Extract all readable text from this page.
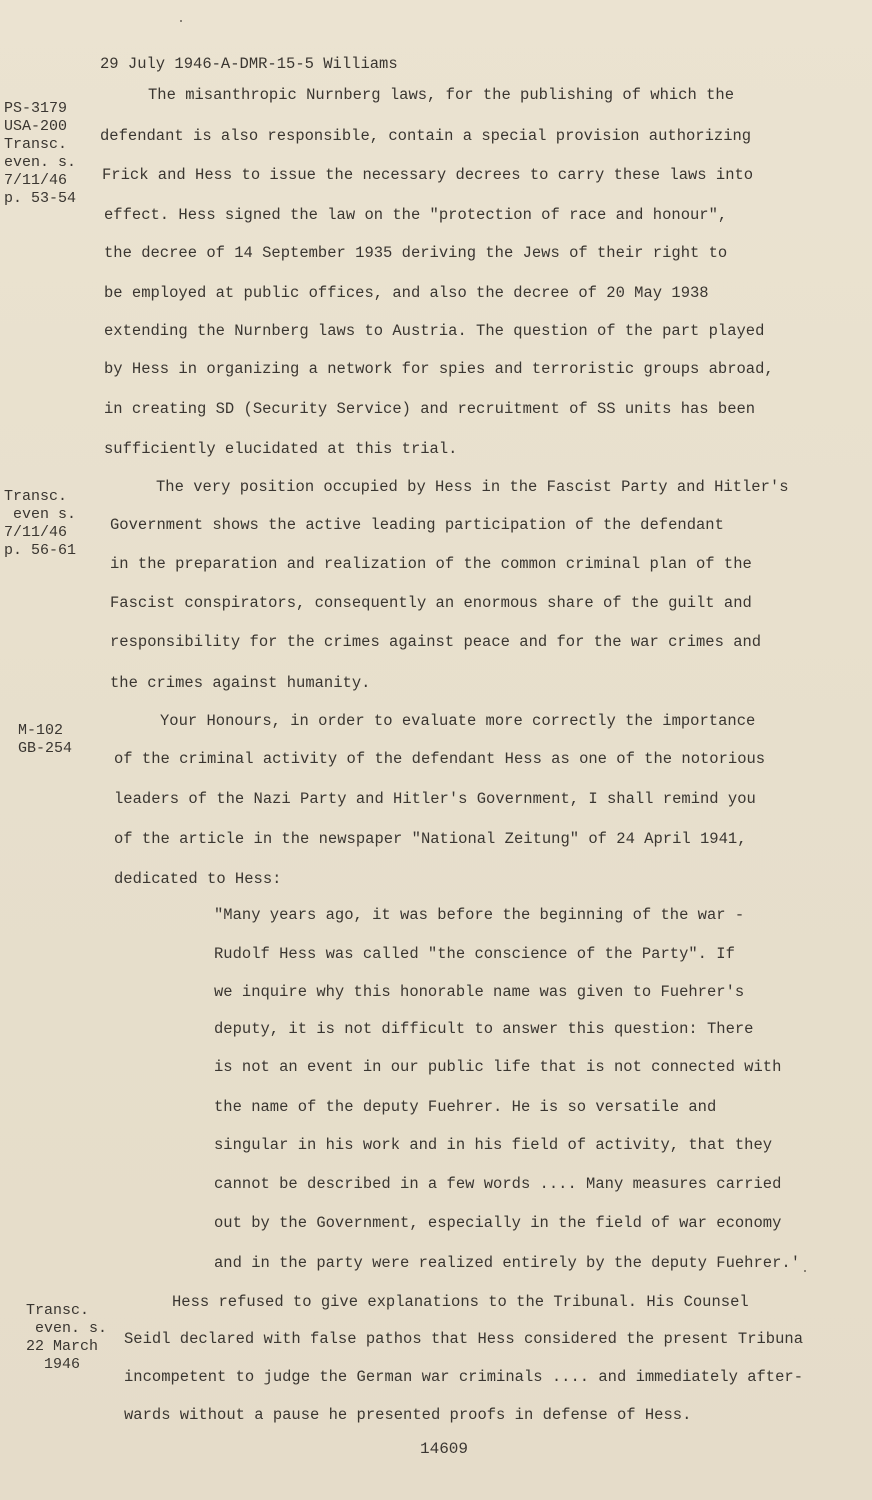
29 July 1946-A-DMR-15-5 Williams
PS-3179
USA-200
Transc.
even. s.
7/11/46
p. 53-54
Transc.
even s.
7/11/46
p. 56-61
M-102
GB-254
Transc.
even. s.
22 March
1946
The misanthropic Nurnberg laws, for the publishing of which the
defendant is also responsible, contain a special provision authorizing
Frick and Hess to issue the necessary decrees to carry these laws into
effect. Hess signed the law on the "protection of race and honour",
the decree of 14 September 1935 deriving the Jews of their right to
be employed at public offices, and also the decree of 20 May 1938
extending the Nurnberg laws to Austria. The question of the part played
by Hess in organizing a network for spies and terroristic groups abroad,
in creating SD (Security Service) and recruitment of SS units has been
sufficiently elucidated at this trial.
The very position occupied by Hess in the Fascist Party and Hitler's
Government shows the active leading participation of the defendant
in the preparation and realization of the common criminal plan of the
Fascist conspirators, consequently an enormous share of the guilt and
responsibility for the crimes against peace and for the war crimes and
the crimes against humanity.
Your Honours, in order to evaluate more correctly the importance
of the criminal activity of the defendant Hess as one of the notorious
leaders of the Nazi Party and Hitler's Government, I shall remind you
of the article in the newspaper "National Zeitung" of 24 April 1941,
dedicated to Hess:
"Many years ago, it was before the beginning of the war -
Rudolf Hess was called "the conscience of the Party". If
we inquire why this honorable name was given to Fuehrer's
deputy, it is not difficult to answer this question: There
is not an event in our public life that is not connected with
the name of the deputy Fuehrer. He is so versatile and
singular in his work and in his field of activity, that they
cannot be described in a few words .... Many measures carried
out by the Government, especially in the field of war economy
and in the party were realized entirely by the deputy Fuehrer.'
Hess refused to give explanations to the Tribunal. His Counsel
Seidl declared with false pathos that Hess considered the present Tribuna
incompetent to judge the German war criminals .... and immediately after-
wards without a pause he presented proofs in defense of Hess.
14609
